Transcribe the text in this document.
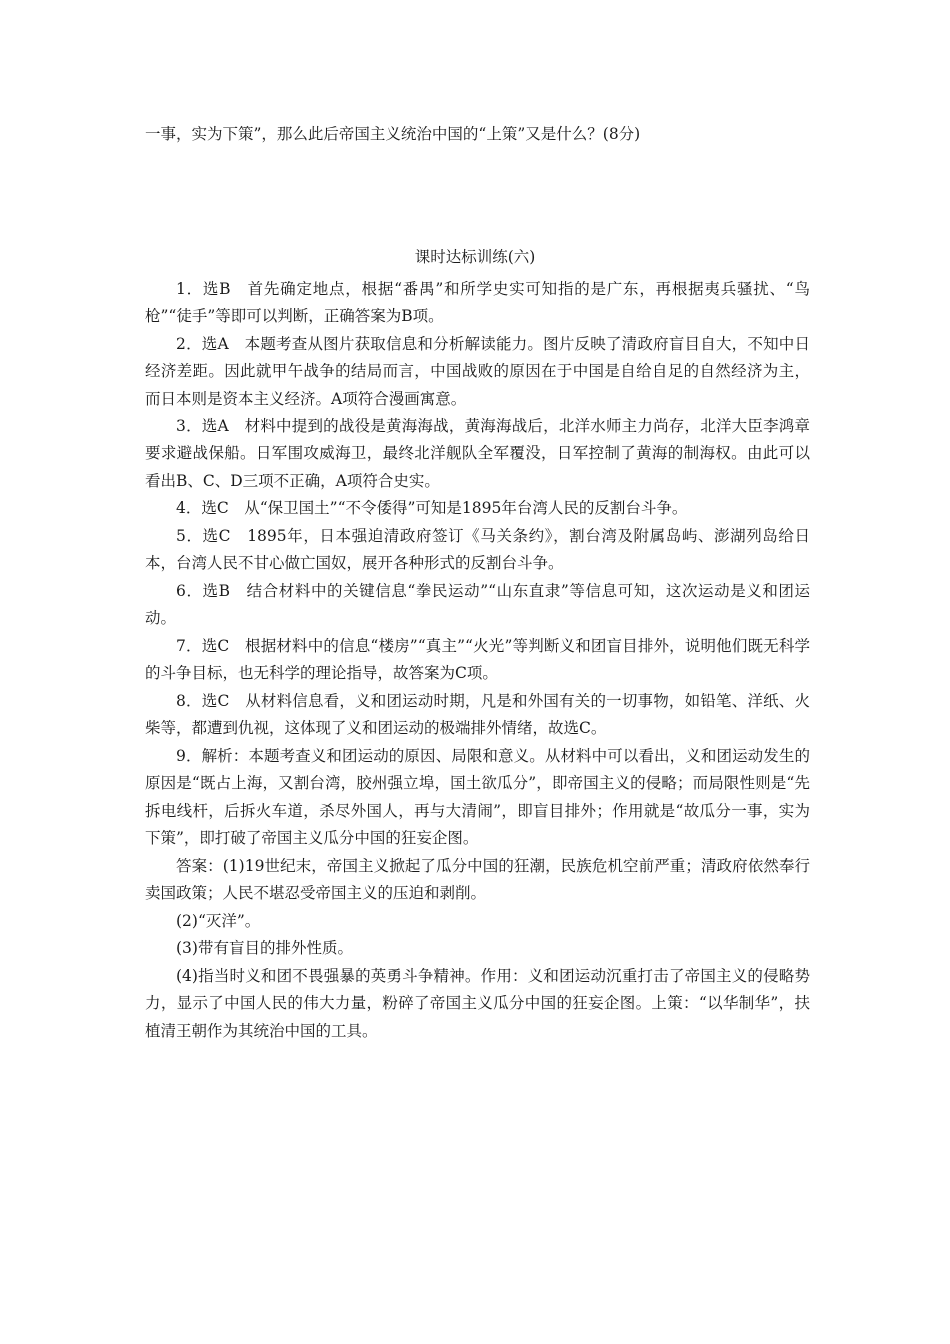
一事，实为下策”，那么此后帝国主义统治中国的“上策”又是什么？(8分)
课时达标训练(六)
1．选B　首先确定地点，根据“番禺”和所学史实可知指的是广东，再根据夷兵骚扰、“鸟枪”“徒手”等即可以判断，正确答案为B项。
2．选A　本题考查从图片获取信息和分析解读能力。图片反映了清政府盲目自大，不知中日经济差距。因此就甲午战争的结局而言，中国战败的原因在于中国是自给自足的自然经济为主，而日本则是资本主义经济。A项符合漫画寓意。
3．选A　材料中提到的战役是黄海海战，黄海海战后，北洋水师主力尚存，北洋大臣李鸿章要求避战保船。日军围攻威海卫，最终北洋舰队全军覆没，日军控制了黄海的制海权。由此可以看出B、C、D三项不正确，A项符合史实。
4．选C　从“保卫国土”“不令倭得”可知是1895年台湾人民的反割台斗争。
5．选C　1895年，日本强迫清政府签订《马关条约》，割台湾及附属岛屿、澎湖列岛给日本，台湾人民不甘心做亡国奴，展开各种形式的反割台斗争。
6．选B　结合材料中的关键信息“拳民运动”“山东直隶”等信息可知，这次运动是义和团运动。
7．选C　根据材料中的信息“楼房”“真主”“火光”等判断义和团盲目排外，说明他们既无科学的斗争目标，也无科学的理论指导，故答案为C项。
8．选C　从材料信息看，义和团运动时期，凡是和外国有关的一切事物，如铅笔、洋纸、火柴等，都遭到仇视，这体现了义和团运动的极端排外情绪，故选C。
9．解析：本题考查义和团运动的原因、局限和意义。从材料中可以看出，义和团运动发生的原因是“既占上海，又割台湾，胶州强立埠，国土欲瓜分”，即帝国主义的侵略；而局限性则是“先拆电线杆，后拆火车道，杀尽外国人，再与大清闹”，即盲目排外；作用就是“故瓜分一事，实为下策”，即打破了帝国主义瓜分中国的狂妄企图。
答案：(1)19世纪末，帝国主义掀起了瓜分中国的狂潮，民族危机空前严重；清政府依然奉行卖国政策；人民不堪忍受帝国主义的压迫和剥削。
(2)“灭洋”。
(3)带有盲目的排外性质。
(4)指当时义和团不畏强暴的英勇斗争精神。作用：义和团运动沉重打击了帝国主义的侵略势力，显示了中国人民的伟大力量，粉碎了帝国主义瓜分中国的狂妄企图。上策：“以华制华”，扶植清王朝作为其统治中国的工具。
